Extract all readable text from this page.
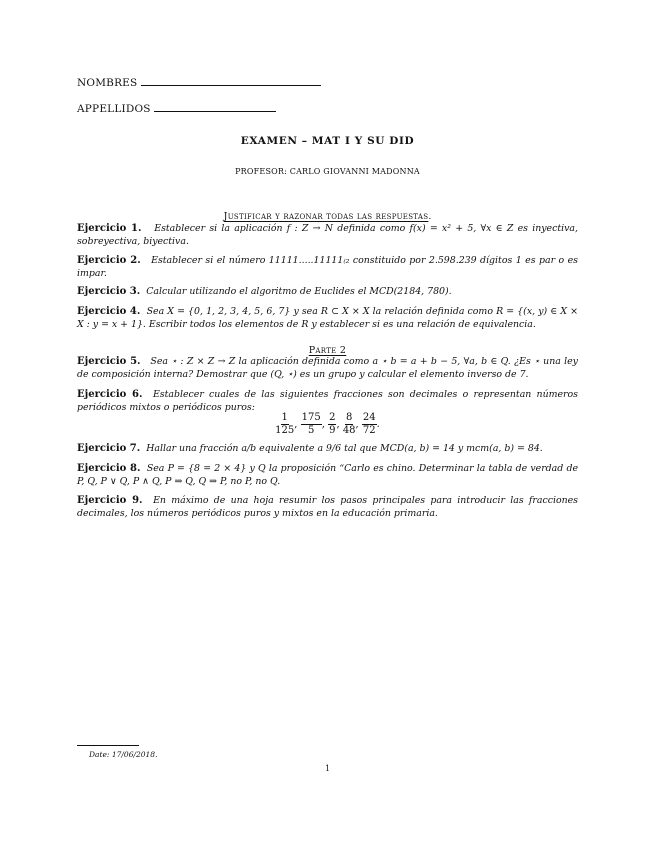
NOMBRES
APPELLIDOS
EXAMEN – MAT I Y SU DID
PROFESOR: CARLO GIOVANNI MADONNA
Justificar y razonar todas las respuestas.
Ejercicio 1. Establecer si la aplicación f : Z → N definida como f(x) = x² + 5, ∀x ∈ Z es inyectiva, sobreyectiva, biyectiva.
Ejercicio 2. Establecer si el número 11111.....11111₍₂ constituido por 2.598.239 dígitos 1 es par o es impar.
Ejercicio 3. Calcular utilizando el algoritmo de Euclides el MCD(2184, 780).
Ejercicio 4. Sea X = {0, 1, 2, 3, 4, 5, 6, 7} y sea R ⊂ X × X la relación definida como R = {(x, y) ∈ X × X : y = x + 1}. Escribir todos los elementos de R y establecer si es una relación de equivalencia.
Parte 2
Ejercicio 5. Sea ⋆ : Z × Z → Z la aplicación definida como a ⋆ b = a + b − 5, ∀a, b ∈ Q. ¿Es ⋆ una ley de composición interna? Demostrar que (Q, ⋆) es un grupo y calcular el elemento inverso de 7.
Ejercicio 6. Establecer cuales de las siguientes fracciones son decimales o representan números periódicos mixtos o periódicos puros:
$\frac{1}{125}$ , $\frac{175}{5}$ , $\frac{2}{9}$ , $\frac{8}{48}$ , $\frac{24}{72}$ .
Ejercicio 7. Hallar una fracción a/b equivalente a 9/6 tal que MCD(a, b) = 14 y mcm(a, b) = 84.
Ejercicio 8. Sea P = {8 = 2 × 4} y Q la proposición “Carlo es chino. Determinar la tabla de verdad de P, Q, P ∨ Q, P ∧ Q, P ⇒ Q, Q ⇒ P, no P, no Q.
Ejercicio 9. En máximo de una hoja resumir los pasos principales para introducir las fracciones decimales, los números periódicos puros y mixtos en la educación primaria.
Date: 17/06/2018.
1
